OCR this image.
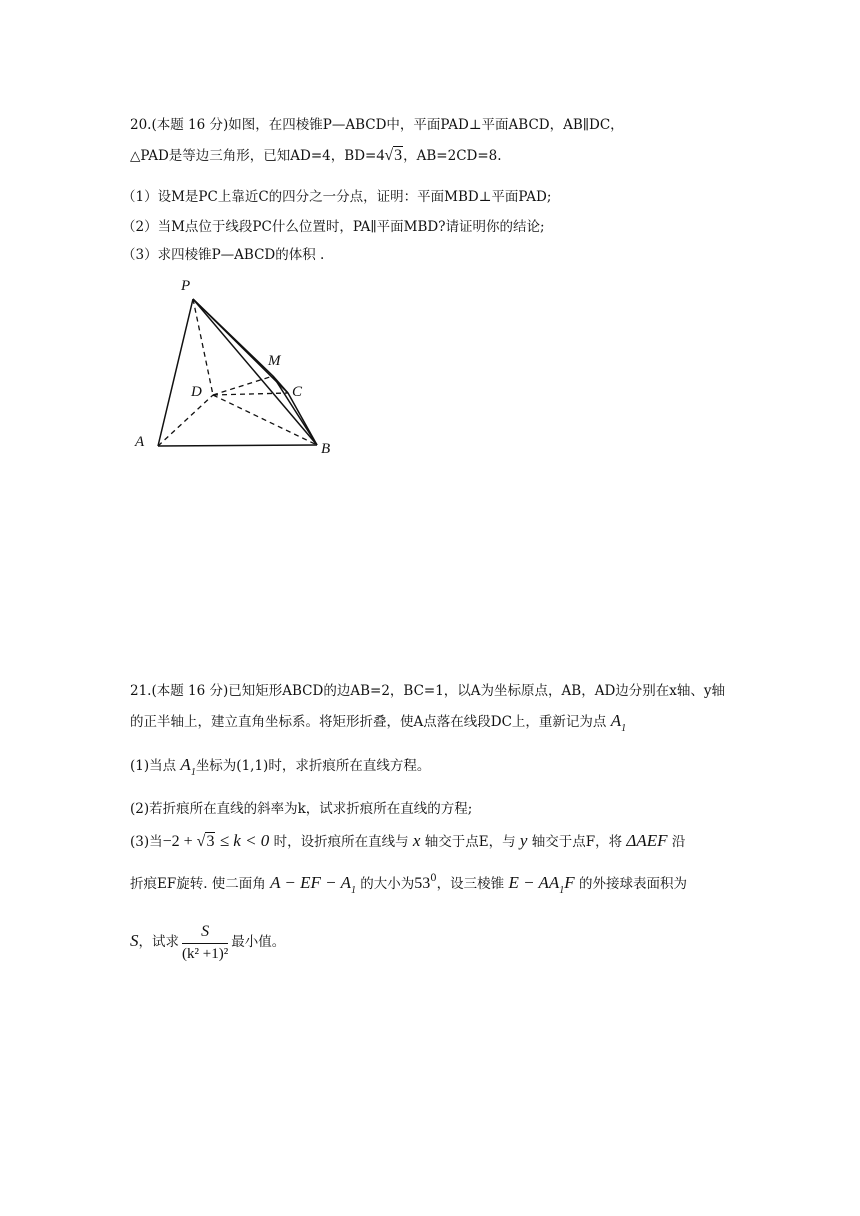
20.(本题 16 分)如图，在四棱锥P—ABCD中，平面PAD⊥平面ABCD，AB∥DC，
△PAD是等边三角形，已知AD=4，BD=4√3，AB=2CD=8.
（1）设M是PC上靠近C的四分之一分点，证明：平面MBD⊥平面PAD;
（2）当M点位于线段PC什么位置时，PA∥平面MBD?请证明你的结论;
（3）求四棱锥P—ABCD的体积 .
P
M
D	C
A	B
21.(本题 16 分)已知矩形ABCD的边AB=2，BC=1，以A为坐标原点，AB，AD边分别在x轴、y轴
的正半轴上，建立直角坐标系。将矩形折叠，使A点落在线段DC上，重新记为点 $A_1$
(1)当点 $A_1$坐标为(1,1)时，求折痕所在直线方程。
(2)若折痕所在直线的斜率为k，试求折痕所在直线的方程;
(3)当−2 + √3 ≤ k < 0 时，设折痕所在直线与 x 轴交于点E，与 y 轴交于点F，将 ΔAEF 沿
折痕EF旋转. 使二面角 A − EF − $A_1$ 的大小为$53^0$，设三棱锥 $E - AA_1F$ 的外接球表面积为
S，试求 $\frac{S}{\text{(k² +1)²}}$ 最小值。
